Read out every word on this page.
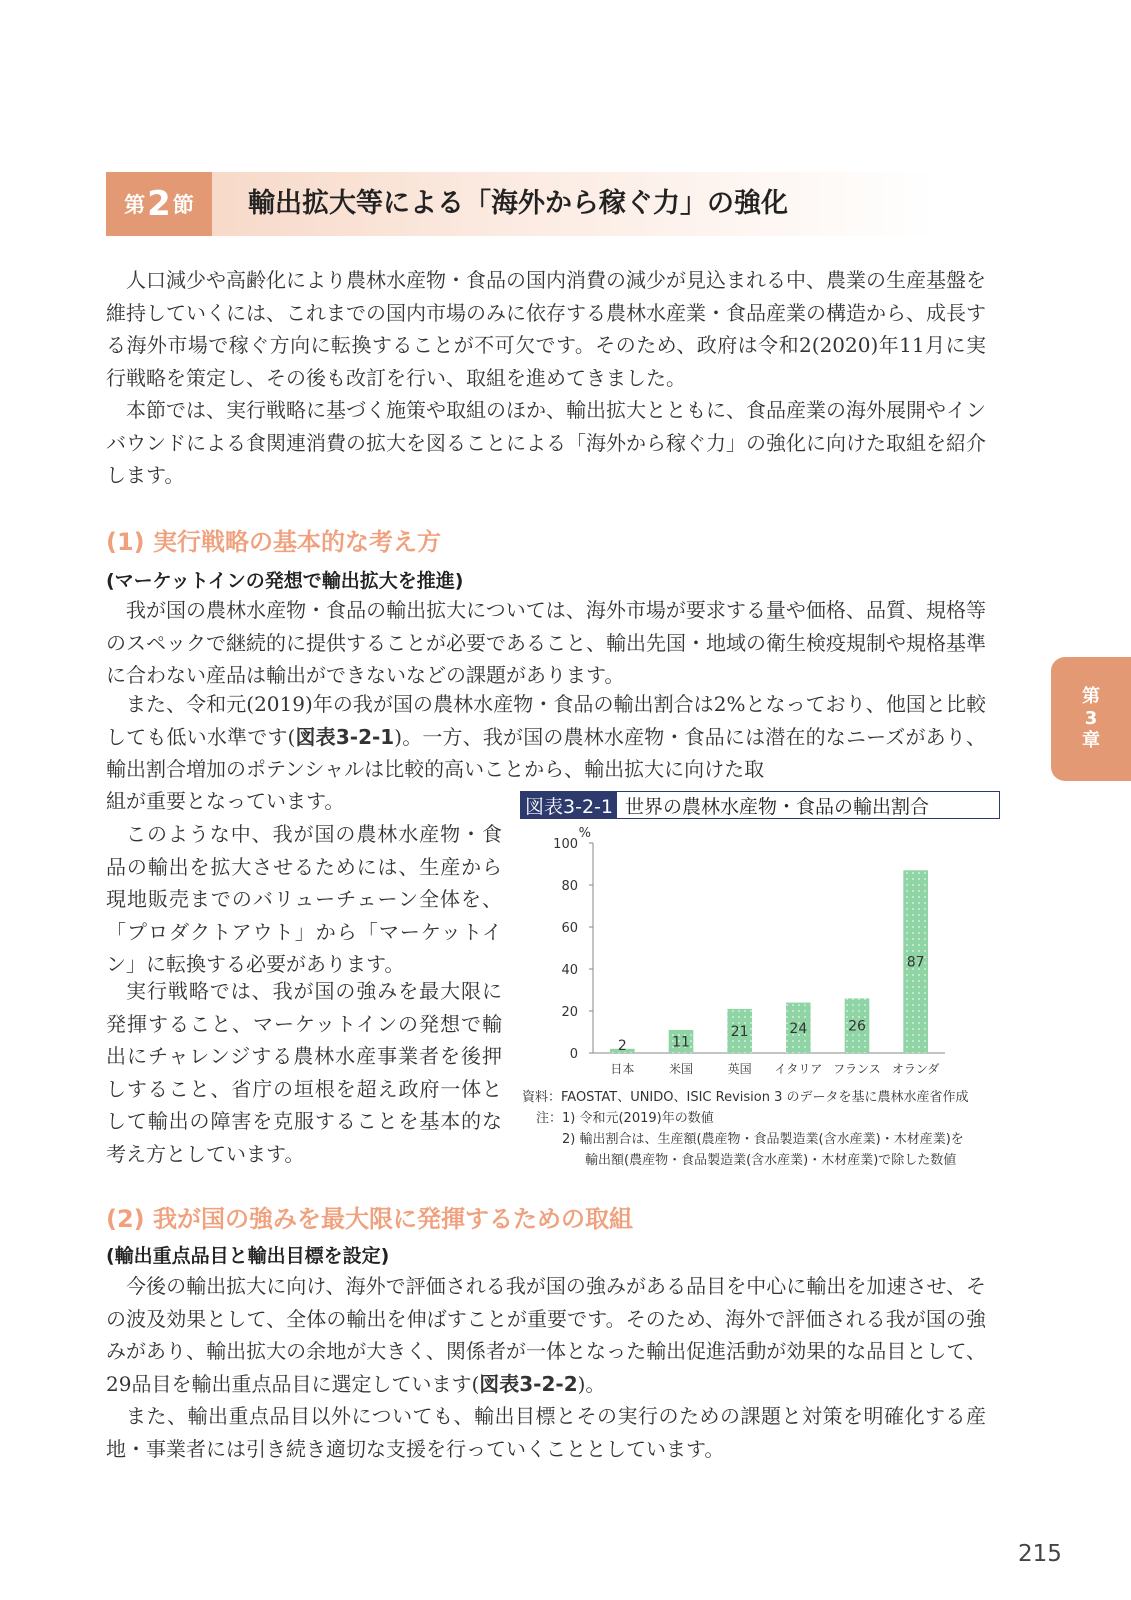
第 2 節 輸出拡大等による「海外から稼ぐ力」の強化

人口減少や高齢化により農林水産物・食品の国内消費の減少が見込まれる中、農業の生産基盤を維持していくには、これまでの国内市場のみに依存する農林水産業・食品産業の構造から、成長する海外市場で稼ぐ方向に転換することが不可欠です。そのため、政府は令和2(2020)年11月に実行戦略を策定し、その後も改訂を行い、取組を進めてきました。

本節では、実行戦略に基づく施策や取組のほか、輸出拡大とともに、食品産業の海外展開やインバウンドによる食関連消費の拡大を図ることによる「海外から稼ぐ力」の強化に向けた取組を紹介します。

(1) 実行戦略の基本的な考え方
(マーケットインの発想で輸出拡大を推進)

我が国の農林水産物・食品の輸出拡大については、海外市場が要求する量や価格、品質、規格等のスペックで継続的に提供することが必要であること、輸出先国・地域の衛生検疫規制や規格基準に合わない産品は輸出ができないなどの課題があります。

また、令和元(2019)年の我が国の農林水産物・食品の輸出割合は2%となっており、他国と比較しても低い水準です(図表3-2-1)。一方、我が国の農林水産物・食品には潜在的なニーズがあり、輸出割合増加のポテンシャルは比較的高いことから、輸出拡大に向けた取

組が重要となっています。

このような中、我が国の農林水産物・食品の輸出を拡大させるためには、生産から現地販売までのバリューチェーン全体を、「プロダクトアウト」から「マーケットイン」に転換する必要があります。

実行戦略では、我が国の強みを最大限に発揮すること、マーケットインの発想で輸出にチャレンジする農林水産事業者を後押しすること、省庁の垣根を超え政府一体として輸出の障害を克服することを基本的な考え方としています。

第
3
章
図表3-2-1 世界の農林水産物・食品の輸出割合
%
0
20
40
60
80
100
2
日本
11
米国
21
英国
24
イタリア
26
フランス
87
オランダ
資料：FAOSTAT、UNIDO、ISIC Revision 3 のデータを基に農林水産省作成
注：1) 令和元(2019)年の数値
2) 輸出割合は、生産額(農産物・食品製造業(含水産業)・木材産業)を
輸出額(農産物・食品製造業(含水産業)・木材産業)で除した数値
(2) 我が国の強みを最大限に発揮するための取組
(輸出重点品目と輸出目標を設定)

今後の輸出拡大に向け、海外で評価される我が国の強みがある品目を中心に輸出を加速させ、その波及効果として、全体の輸出を伸ばすことが重要です。そのため、海外で評価される我が国の強みがあり、輸出拡大の余地が大きく、関係者が一体となった輸出促進活動が効果的な品目として、29品目を輸出重点品目に選定しています(図表3-2-2)。

また、輸出重点品目以外についても、輸出目標とその実行のための課題と対策を明確化する産地・事業者には引き続き適切な支援を行っていくこととしています。

215
